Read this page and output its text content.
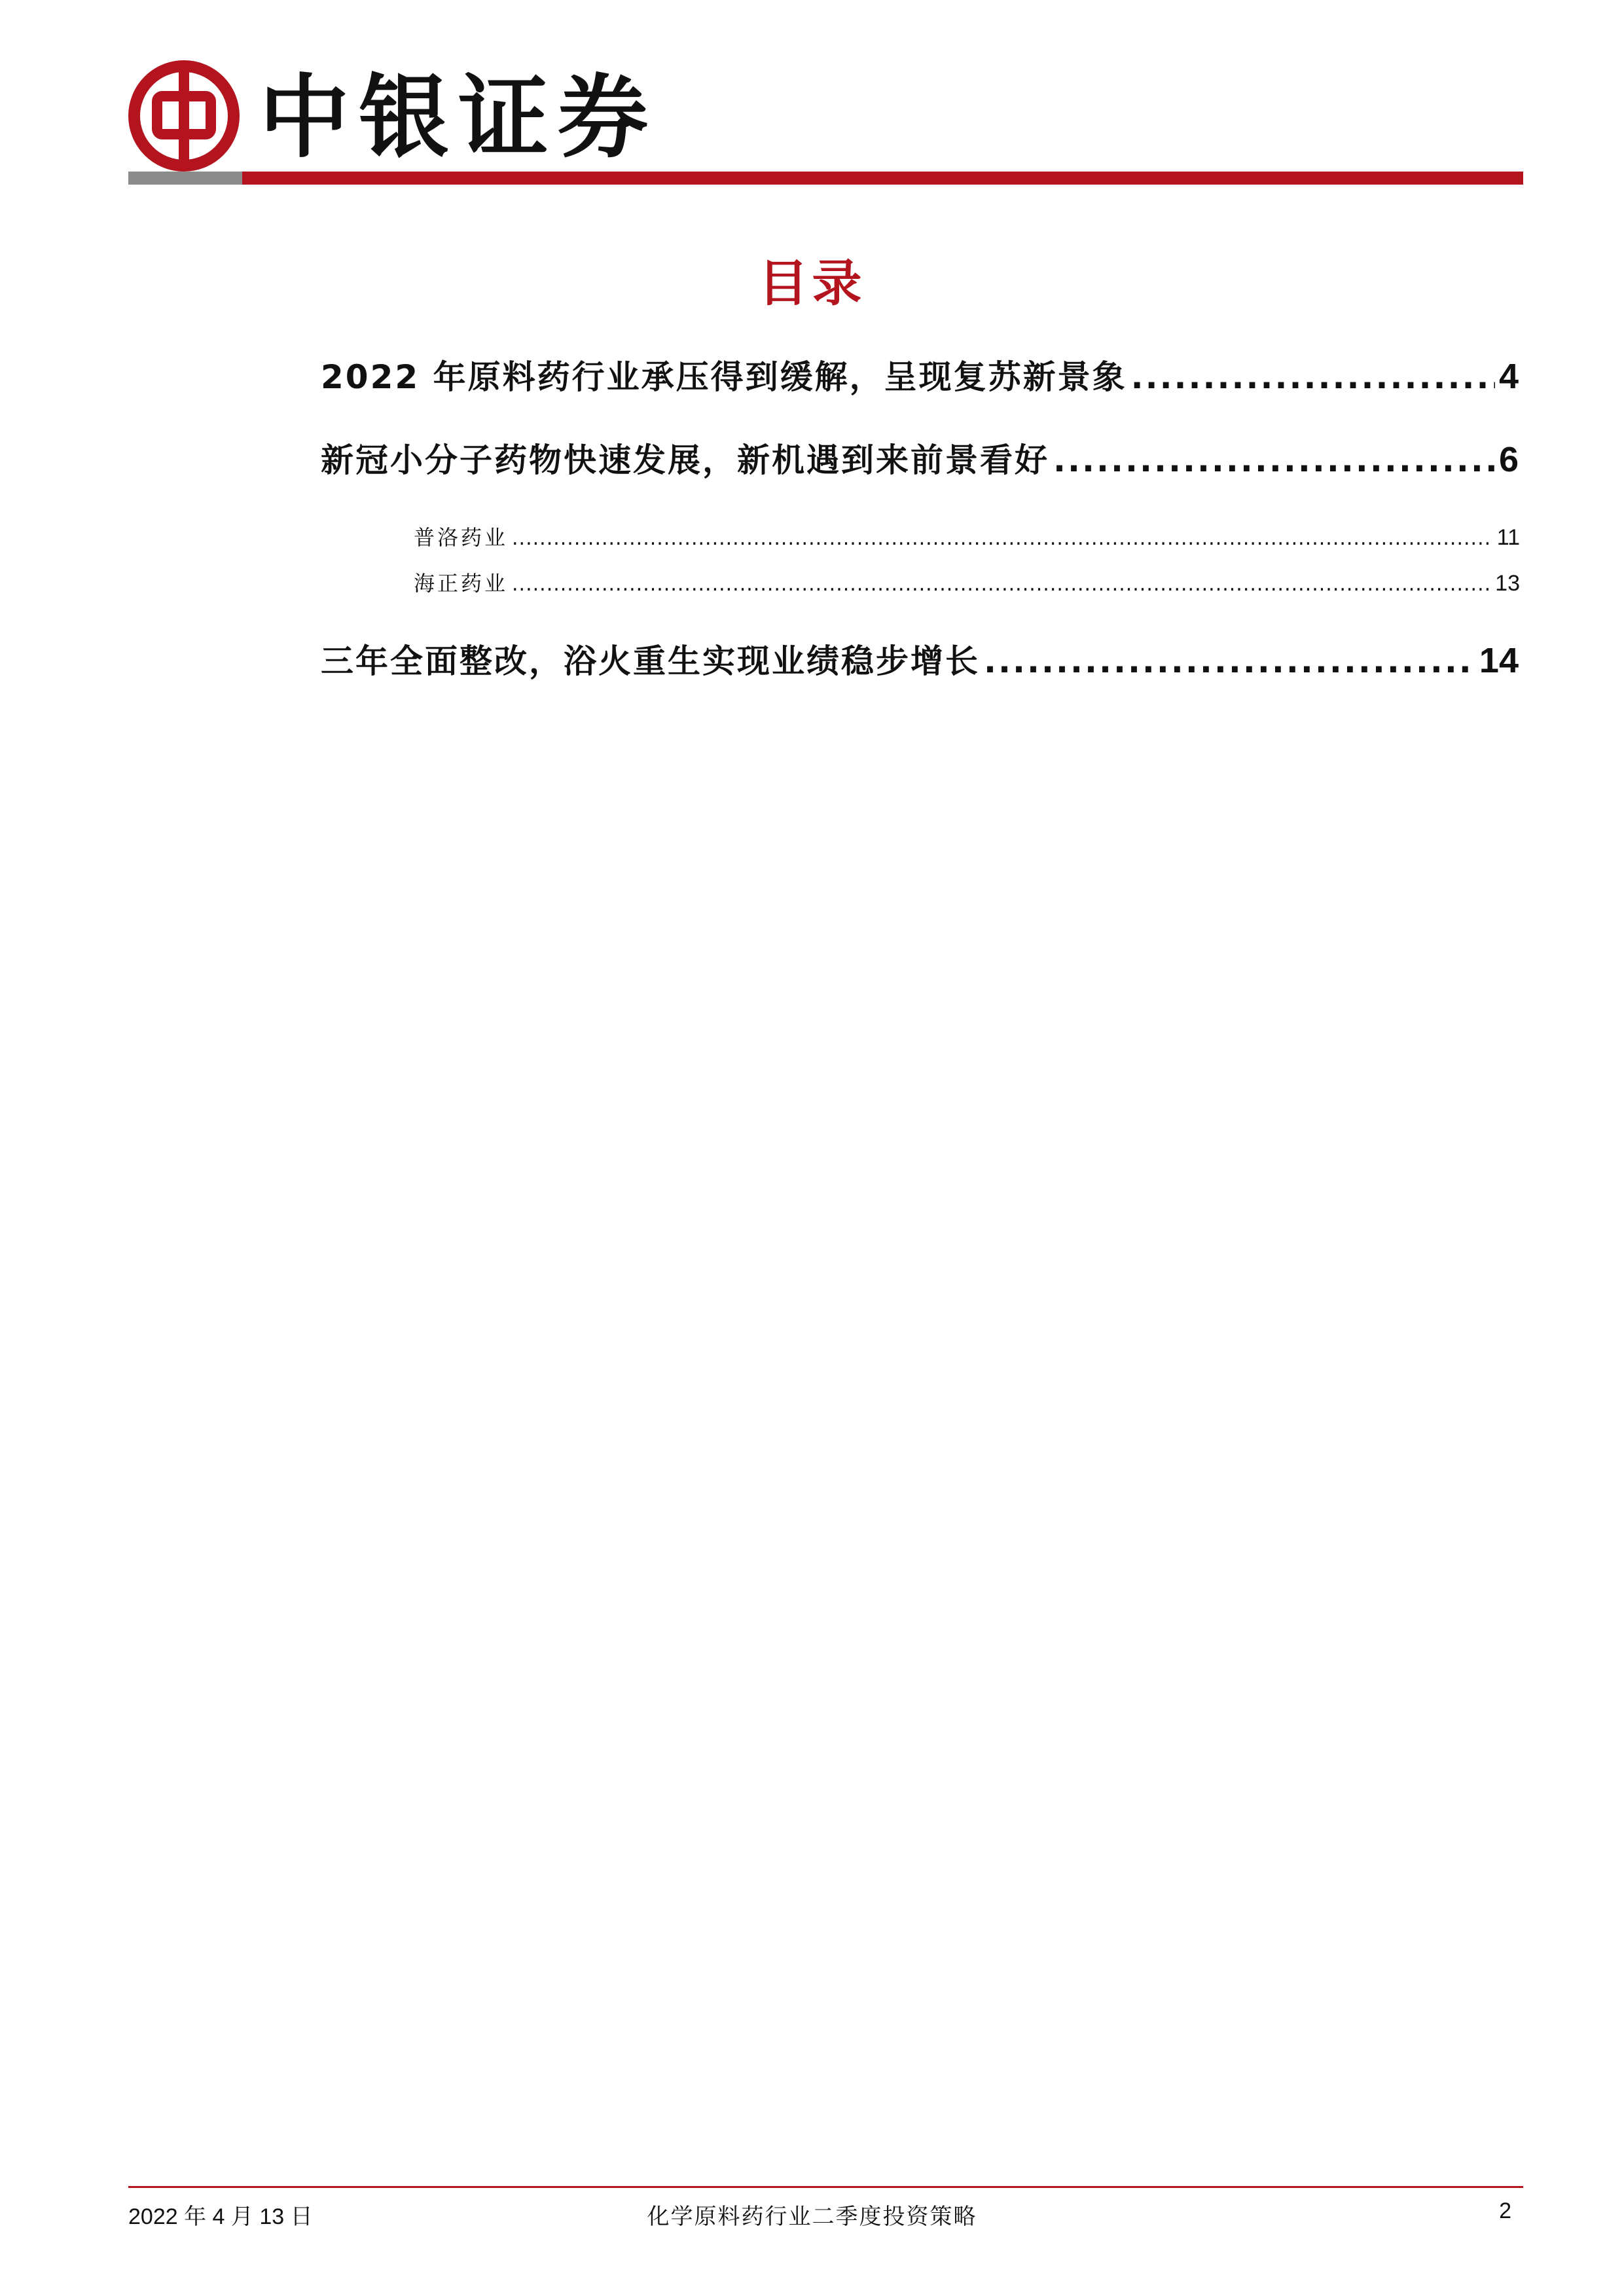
中银证券
目录
2022 年原料药行业承压得到缓解，呈现复苏新景象 .....	4
新冠小分子药物快速发展，新机遇到来前景看好 .....	6
普洛药业 .....	11
海正药业 .....	13
三年全面整改，浴火重生实现业绩稳步增长 .....	14
2022 年 4 月 13 日	化学原料药行业二季度投资策略	2
